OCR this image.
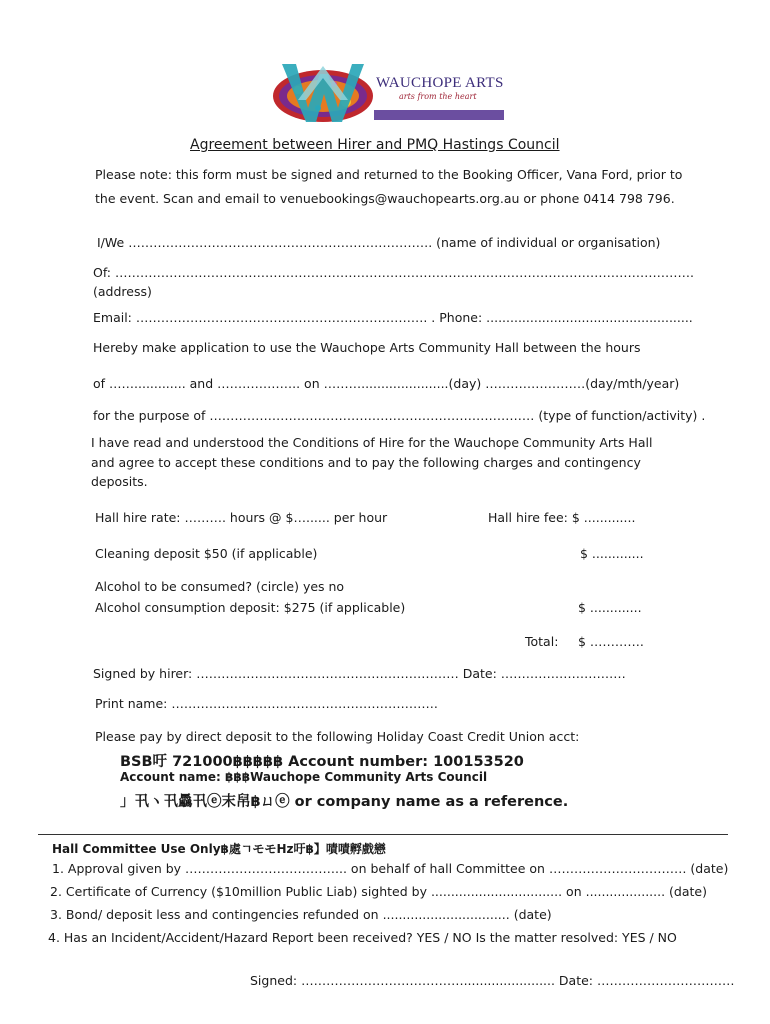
WAUCHOPE ARTS
arts from the heart
Agreement between Hirer and PMQ Hastings Council
Please note: this form must be signed and returned to the Booking Officer, Vana Ford, prior to
the event. Scan and email to venuebookings@wauchopearts.org.au or phone 0414 798 796.
I/We ………………………………………………………………. (name of individual or organisation)
Of: ………………………………………………………………………………………………………………………….
(address)
Email: ……………………………………………………………. . Phone: ....................................................
Hereby make application to use the Wauchope Arts Community Hall between the hours
of ……............. and ……………….. on ………......................(day) ……………………(day/mth/year)
for the purpose of …………………………………………………………………… (type of function/activity) .
I have read and understood the Conditions of Hire for the Wauchope Community Arts Hall
and agree to accept these conditions and to pay the following charges and contingency
deposits.
Hall hire rate: ………. hours @ $…...... per hour	Hall hire fee: $ .............
Cleaning deposit $50 (if applicable)	$ .............
Alcohol to be consumed? (circle) yes no
Alcohol consumption deposit: $275 (if applicable)	$ .............
Total: $ ………….
Signed by hirer: ……………………………………………………… Date: …………………………
Print name: ……………………………………………………….
Please pay by direct deposit to the following Holiday Coast Credit Union acct:
BSB吁 721000฿฿฿฿฿ Account number: 100153520
Account name: ฿฿฿Wauchope Community Arts Council
」卂ヽ卂驫卂ⓔ末帠฿ㄩⓔ or company name as a reference.
Hall Committee Use Only฿處ㄱモモHz吁฿】嘖嘖孵戲戀
1. Approval given by ………………………………... on behalf of hall Committee on …………………………… (date)
2. Certificate of Currency ($10million Public Liab) sighted by ................................. on .................... (date)
3. Bond/ deposit less and contingencies refunded on ................................ (date)
4. Has an Incident/Accident/Hazard Report been received? YES / NO Is the matter resolved: YES / NO
Signed: …………………………………....................... Date: ……………………………
